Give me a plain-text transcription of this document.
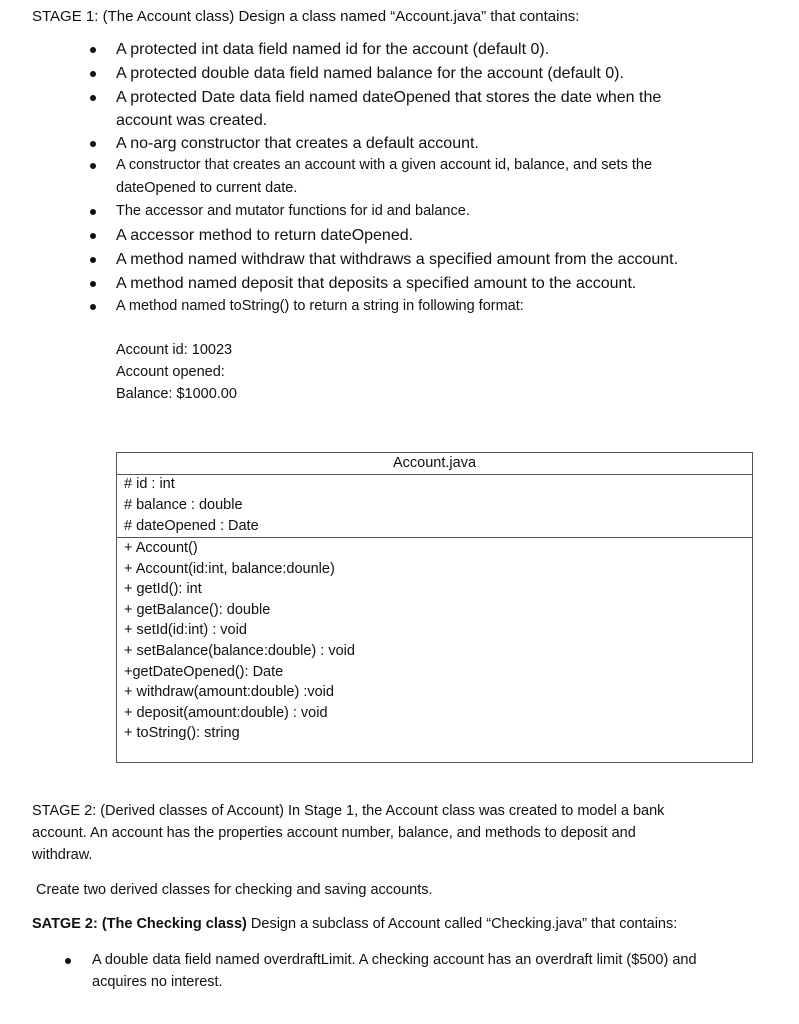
STAGE 1: (The Account class) Design a class named “Account.java” that contains:
A protected int data field named id for the account (default 0).
A protected double data field named balance for the account (default 0).
A protected Date data field named dateOpened that stores the date when the
account was created.
A no-arg constructor that creates a default account.
A constructor that creates an account with a given account id, balance, and sets the
dateOpened to current date.
The accessor and mutator functions for id and balance.
A accessor method to return dateOpened.
A method named withdraw that withdraws a specified amount from the account.
A method named deposit that deposits a specified amount to the account.
A method named toString() to return a string in following format:
Account id: 10023
Account opened:
Balance: $1000.00
Account.java
# id : int
# balance : double
# dateOpened : Date
+ Account()
+ Account(id:int, balance:dounle)
+ getId(): int
+ getBalance(): double
+ setId(id:int) : void
+ setBalance(balance:double) : void
+getDateOpened(): Date
+ withdraw(amount:double) :void
+ deposit(amount:double) : void
+ toString(): string
STAGE 2: (Derived classes of Account) In Stage 1, the Account class was created to model a bank
account. An account has the properties account number, balance, and methods to deposit and
withdraw.
Create two derived classes for checking and saving accounts.
SATGE 2: (The Checking class) Design a subclass of Account called “Checking.java” that contains:
A double data field named overdraftLimit. A checking account has an overdraft limit ($500) and
acquires no interest.
